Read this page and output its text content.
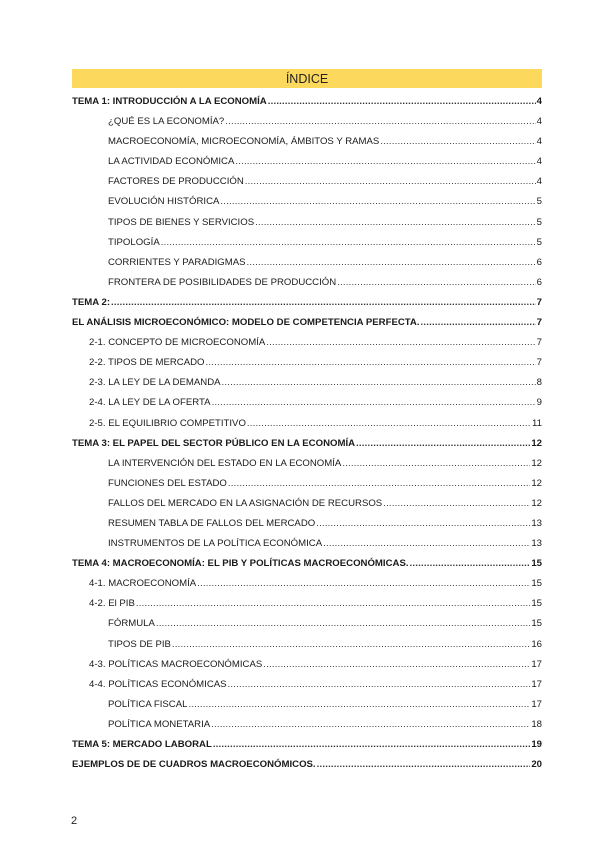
ÍNDICE
TEMA 1: INTRODUCCIÓN A LA ECONOMÍA .....	4
¿QUÉ ES LA ECONOMÍA? .....	4
MACROECONOMÍA, MICROECONOMÍA, ÁMBITOS Y RAMAS .....	4
LA ACTIVIDAD ECONÓMICA .....	4
FACTORES DE PRODUCCIÓN .....	4
EVOLUCIÓN HISTÓRICA .....	5
TIPOS DE BIENES Y SERVICIOS .....	5
TIPOLOGÍA .....	5
CORRIENTES Y PARADIGMAS .....	6
FRONTERA DE POSIBILIDADES DE PRODUCCIÓN .....	6
TEMA 2: .....	7
EL ANÁLISIS MICROECONÓMICO: MODELO DE COMPETENCIA PERFECTA. .....	7
2-1. CONCEPTO DE MICROECONOMÍA .....	7
2-2. TIPOS DE MERCADO .....	7
2-3. LA LEY DE LA DEMANDA .....	8
2-4. LA LEY DE LA OFERTA .....	9
2-5. EL EQUILIBRIO COMPETITIVO .....	11
TEMA 3: EL PAPEL DEL SECTOR PÚBLICO EN LA ECONOMÍA .....	12
LA INTERVENCIÓN DEL ESTADO EN LA ECONOMÍA .....	12
FUNCIONES DEL ESTADO .....	12
FALLOS DEL MERCADO EN LA ASIGNACIÓN DE RECURSOS .....	12
RESUMEN TABLA DE FALLOS DEL MERCADO .....	13
INSTRUMENTOS DE LA POLÍTICA ECONÓMICA .....	13
TEMA 4: MACROECONOMÍA: EL PIB Y POLÍTICAS MACROECONÓMICAS. .....	15
4-1. MACROECONOMÍA .....	15
4-2. El PIB .....	15
FÓRMULA .....	15
TIPOS DE PIB .....	16
4-3. POLÍTICAS MACROECONÓMICAS .....	17
4-4. POLÍTICAS ECONÓMICAS .....	17
POLÍTICA FISCAL .....	17
POLÍTICA MONETARIA .....	18
TEMA 5: MERCADO LABORAL .....	19
EJEMPLOS DE DE CUADROS MACROECONÓMICOS. .....	20
2
